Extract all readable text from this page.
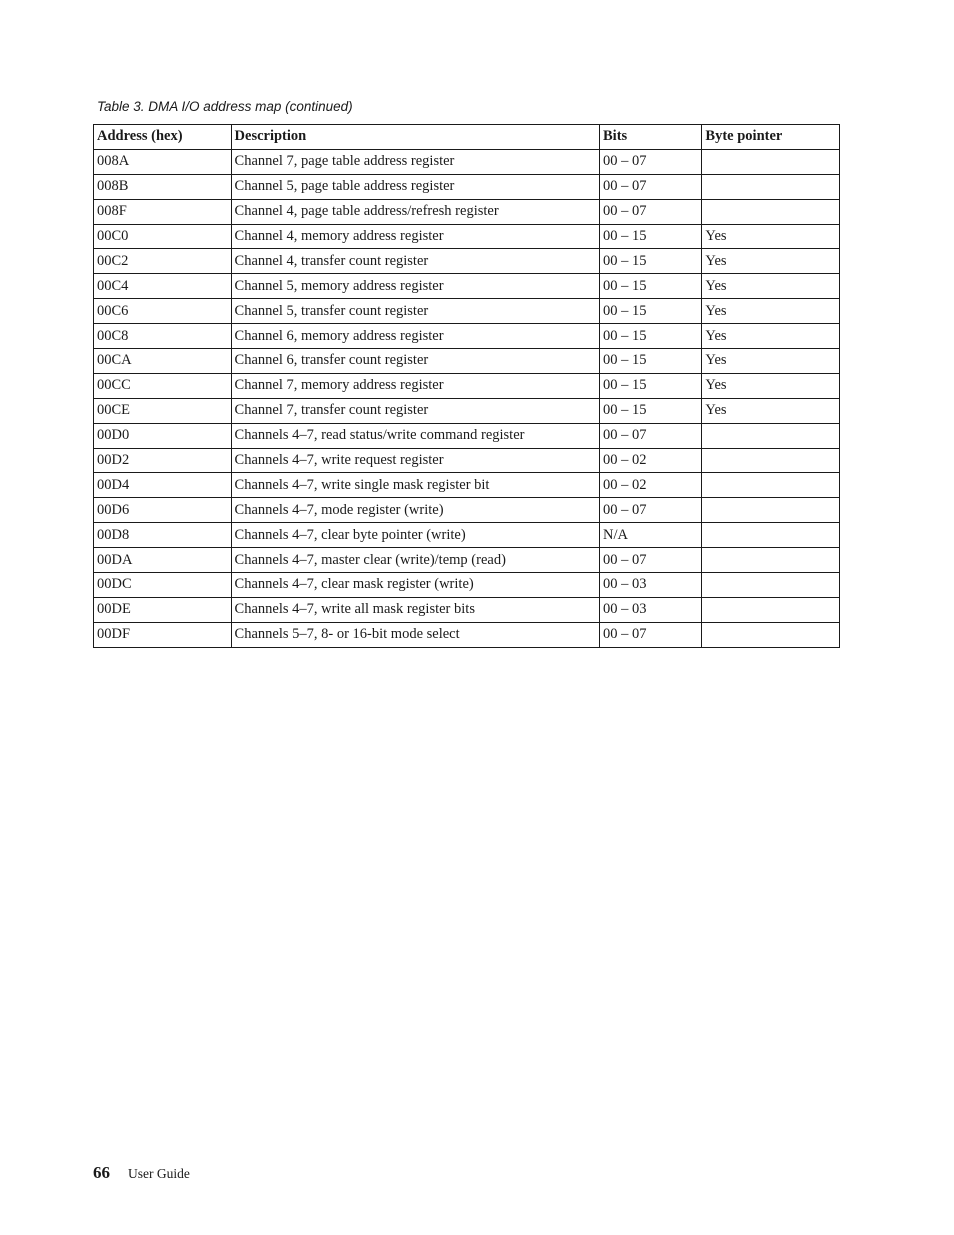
Table 3. DMA I/O address map (continued)
Address (hex)	Description	Bits	Byte pointer
008A	Channel 7, page table address register	00 – 07	
008B	Channel 5, page table address register	00 – 07	
008F	Channel 4, page table address/refresh register	00 – 07	
00C0	Channel 4, memory address register	00 – 15	Yes
00C2	Channel 4, transfer count register	00 – 15	Yes
00C4	Channel 5, memory address register	00 – 15	Yes
00C6	Channel 5, transfer count register	00 – 15	Yes
00C8	Channel 6, memory address register	00 – 15	Yes
00CA	Channel 6, transfer count register	00 – 15	Yes
00CC	Channel 7, memory address register	00 – 15	Yes
00CE	Channel 7, transfer count register	00 – 15	Yes
00D0	Channels 4–7, read status/write command register	00 – 07	
00D2	Channels 4–7, write request register	00 – 02	
00D4	Channels 4–7, write single mask register bit	00 – 02	
00D6	Channels 4–7, mode register (write)	00 – 07	
00D8	Channels 4–7, clear byte pointer (write)	N/A	
00DA	Channels 4–7, master clear (write)/temp (read)	00 – 07	
00DC	Channels 4–7, clear mask register (write)	00 – 03	
00DE	Channels 4–7, write all mask register bits	00 – 03	
00DF	Channels 5–7, 8- or 16-bit mode select	00 – 07	
66 User Guide
